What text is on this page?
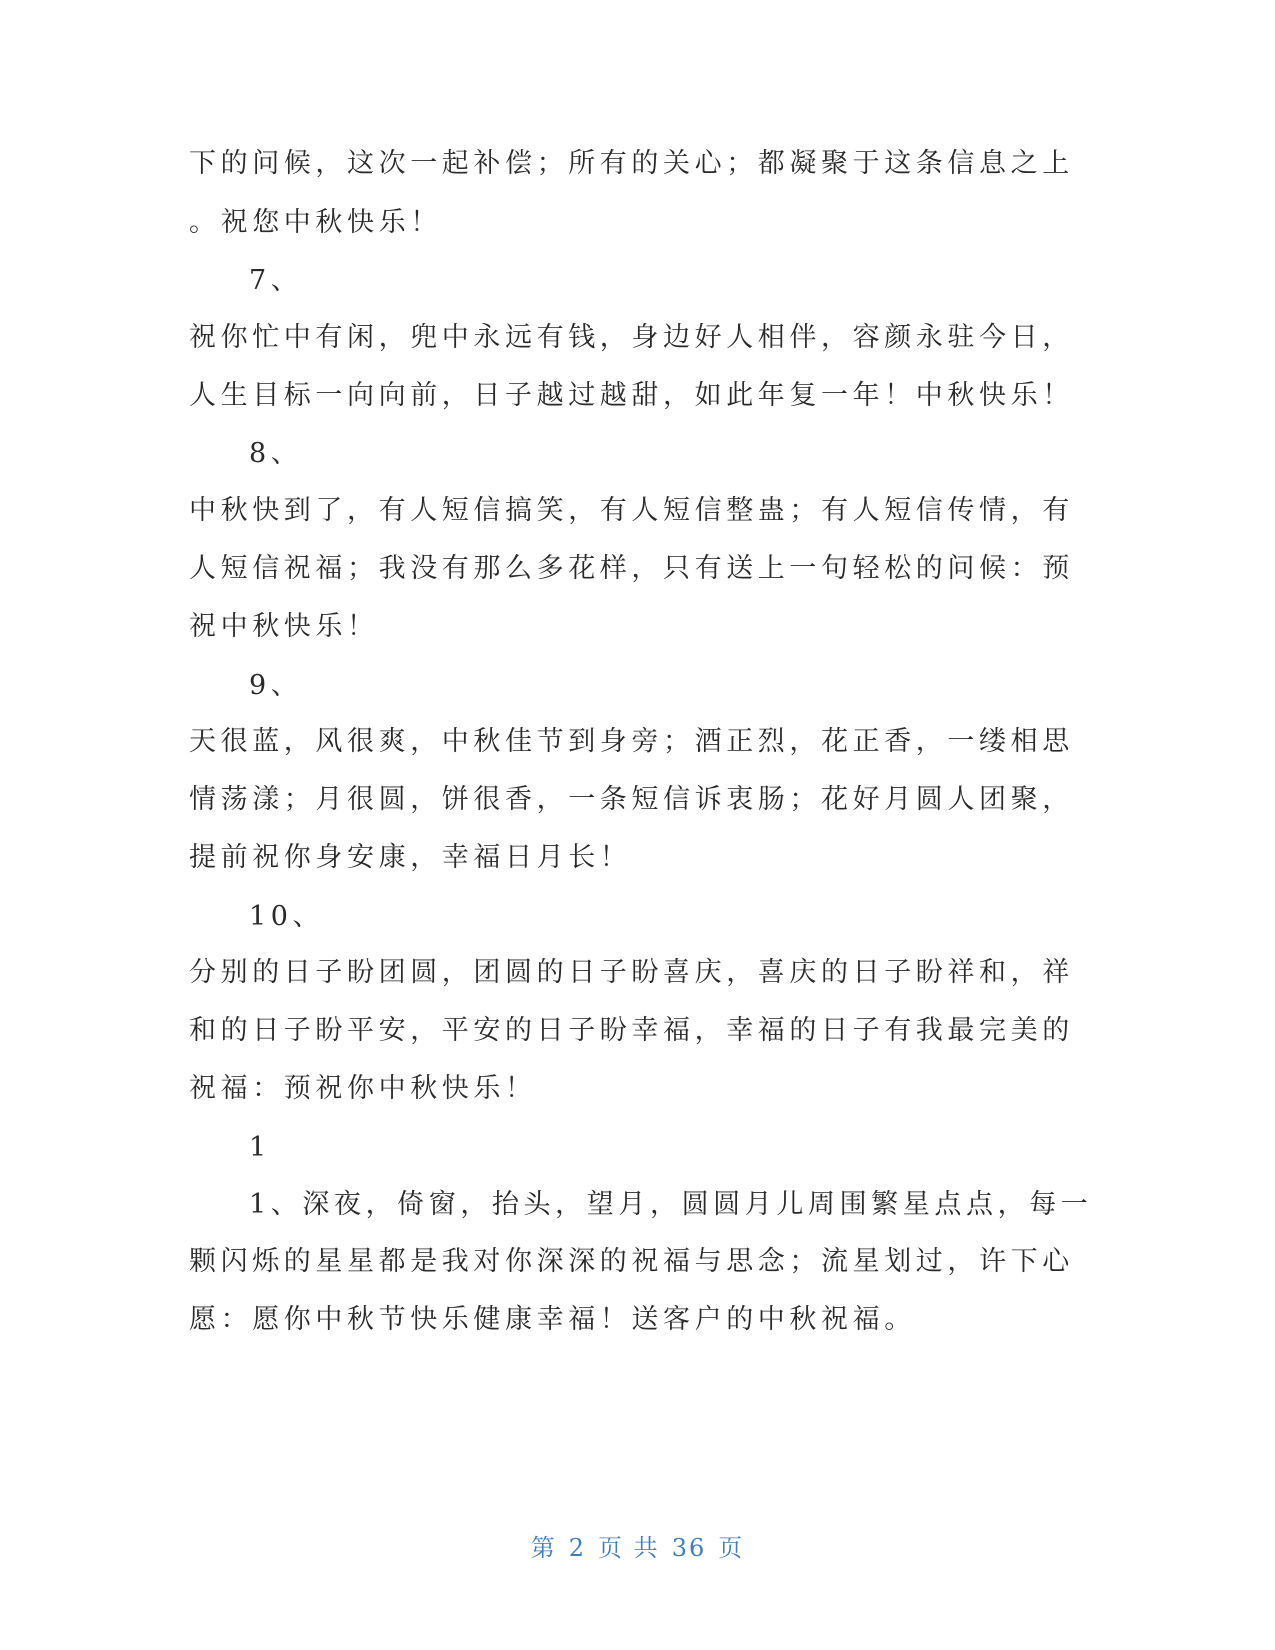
下的问候，这次一起补偿；所有的关心；都凝聚于这条信息之上
。祝您中秋快乐！
7、
祝你忙中有闲，兜中永远有钱，身边好人相伴，容颜永驻今日，
人生目标一向向前，日子越过越甜，如此年复一年！中秋快乐！
8、
中秋快到了，有人短信搞笑，有人短信整蛊；有人短信传情，有
人短信祝福；我没有那么多花样，只有送上一句轻松的问候：预
祝中秋快乐！
9、
天很蓝，风很爽，中秋佳节到身旁；酒正烈，花正香，一缕相思
情荡漾；月很圆，饼很香，一条短信诉衷肠；花好月圆人团聚，
提前祝你身安康，幸福日月长！
10、
分别的日子盼团圆，团圆的日子盼喜庆，喜庆的日子盼祥和，祥
和的日子盼平安，平安的日子盼幸福，幸福的日子有我最完美的
祝福：预祝你中秋快乐！
1
1、深夜，倚窗，抬头，望月，圆圆月儿周围繁星点点，每一
颗闪烁的星星都是我对你深深的祝福与思念；流星划过，许下心
愿：愿你中秋节快乐健康幸福！送客户的中秋祝福。
第 2 页 共 36 页
